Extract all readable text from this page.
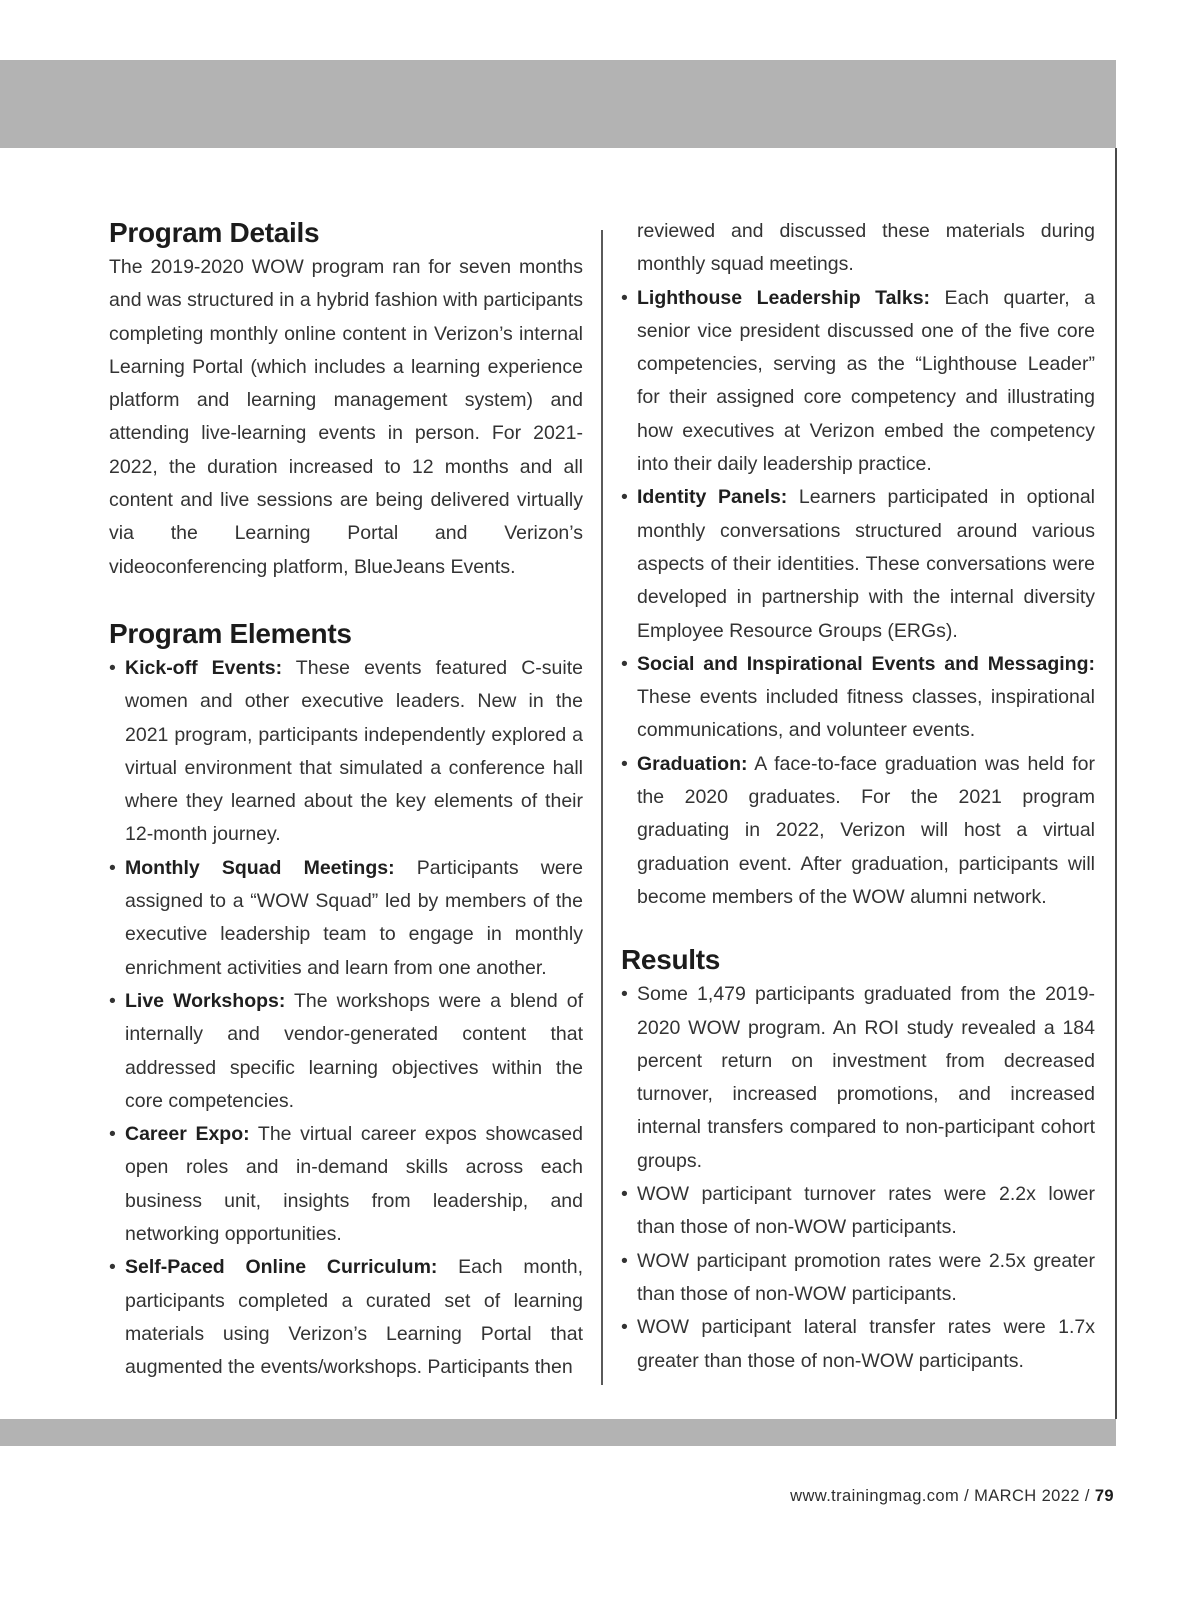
Program Details

The 2019-2020 WOW program ran for seven months and was structured in a hybrid fashion with participants completing monthly online content in Verizon’s internal Learning Portal (which includes a learning experience platform and learning management system) and attending live-learning events in person. For 2021-2022, the duration increased to 12 months and all content and live sessions are being delivered virtually via the Learning Portal and Verizon’s videoconferencing platform, BlueJeans Events.

Program Elements
• Kick-off Events: These events featured C-suite women and other executive leaders. New in the 2021 program, participants independently explored a virtual environment that simulated a conference hall where they learned about the key elements of their 12-month journey.
• Monthly Squad Meetings: Participants were assigned to a “WOW Squad” led by members of the executive leadership team to engage in monthly enrichment activities and learn from one another.
• Live Workshops: The workshops were a blend of internally and vendor-generated content that addressed specific learning objectives within the core competencies.
• Career Expo: The virtual career expos showcased open roles and in-demand skills across each business unit, insights from leadership, and networking opportunities.
• Self-Paced Online Curriculum: Each month, participants completed a curated set of learning materials using Verizon’s Learning Portal that augmented the events/workshops. Participants then
reviewed and discussed these materials during monthly squad meetings.
• Lighthouse Leadership Talks: Each quarter, a senior vice president discussed one of the five core competencies, serving as the “Lighthouse Leader” for their assigned core competency and illustrating how executives at Verizon embed the competency into their daily leadership practice.
• Identity Panels: Learners participated in optional monthly conversations structured around various aspects of their identities. These conversations were developed in partnership with the internal diversity Employee Resource Groups (ERGs).
• Social and Inspirational Events and Messaging: These events included fitness classes, inspirational communications, and volunteer events.
• Graduation: A face-to-face graduation was held for the 2020 graduates. For the 2021 program graduating in 2022, Verizon will host a virtual graduation event. After graduation, participants will become members of the WOW alumni network.
Results
• Some 1,479 participants graduated from the 2019-2020 WOW program. An ROI study revealed a 184 percent return on investment from decreased turnover, increased promotions, and increased internal transfers compared to non-participant cohort groups.
• WOW participant turnover rates were 2.2x lower than those of non-WOW participants.
• WOW participant promotion rates were 2.5x greater than those of non-WOW participants.
• WOW participant lateral transfer rates were 1.7x greater than those of non-WOW participants.
www.trainingmag.com / MARCH 2022 / 79
